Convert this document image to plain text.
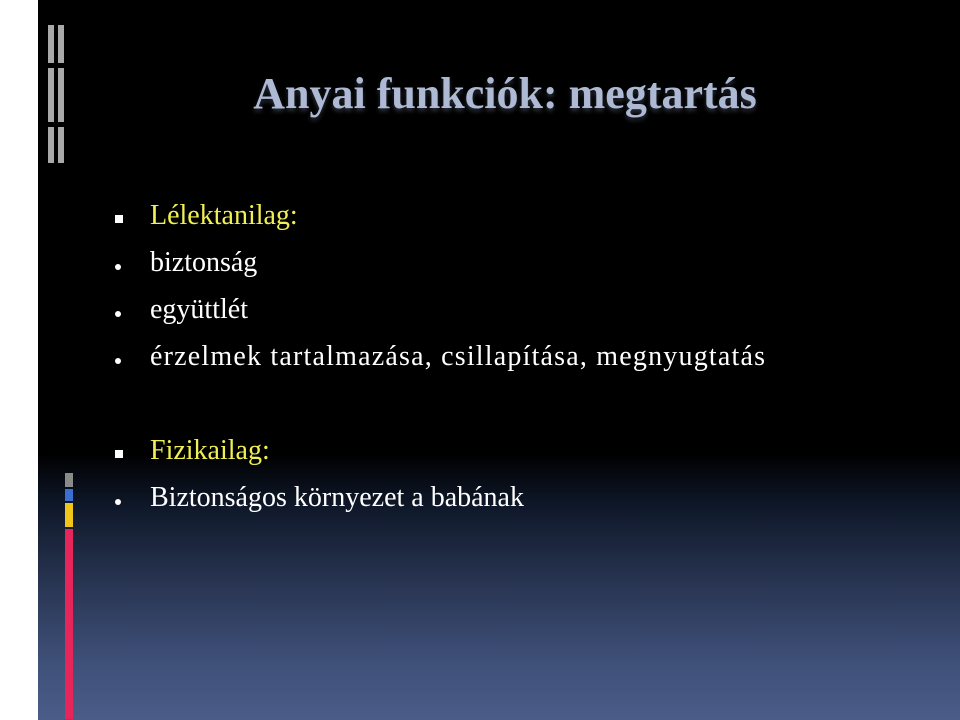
Anyai funkciók: megtartás
Lélektanilag:
biztonság
együttlét
érzelmek tartalmazása, csillapítása, megnyugtatás
Fizikailag:
Biztonságos környezet a babának
